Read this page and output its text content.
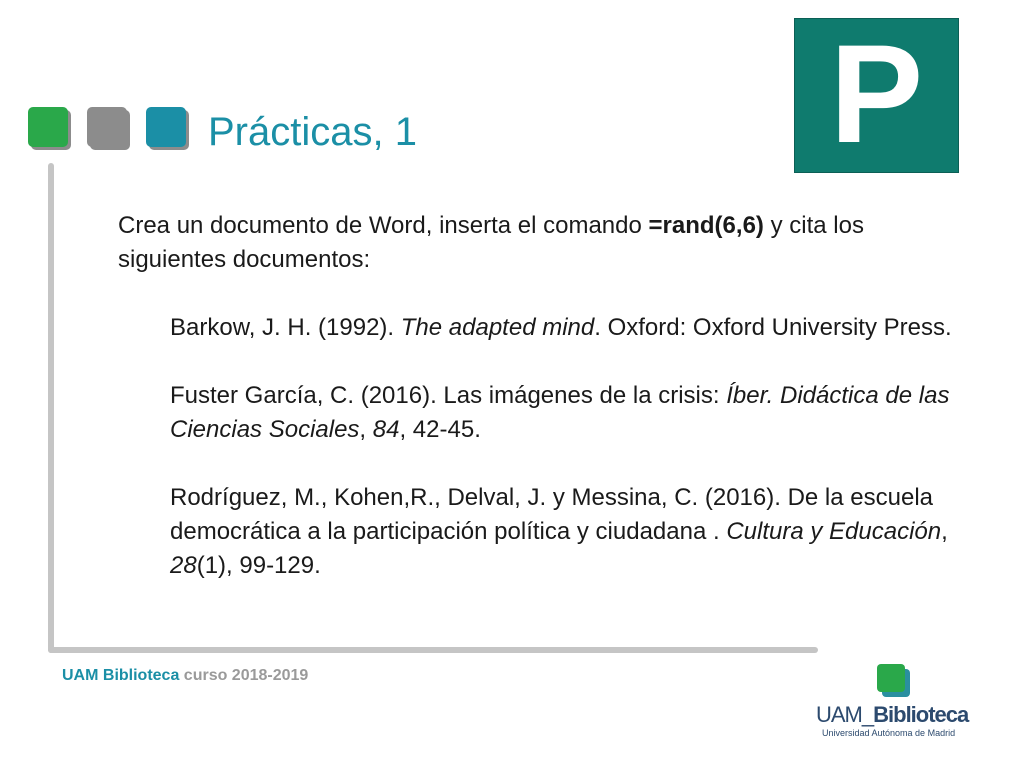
Prácticas, 1	P

Crea un documento de Word, inserta el comando =rand(6,6) y cita los siguientes documentos:

Barkow, J. H. (1992). The adapted mind. Oxford: Oxford University Press.

Fuster García, C. (2016). Las imágenes de la crisis: Íber. Didáctica de las Ciencias Sociales, 84, 42-45.

Rodríguez, M., Kohen,R., Delval, J. y Messina, C. (2016). De la escuela democrática a la participación política y ciudadana . Cultura y Educación, 28(1), 99-129.

UAM Biblioteca curso 2018-2019
UAM_Biblioteca
Universidad Autónoma de Madrid
